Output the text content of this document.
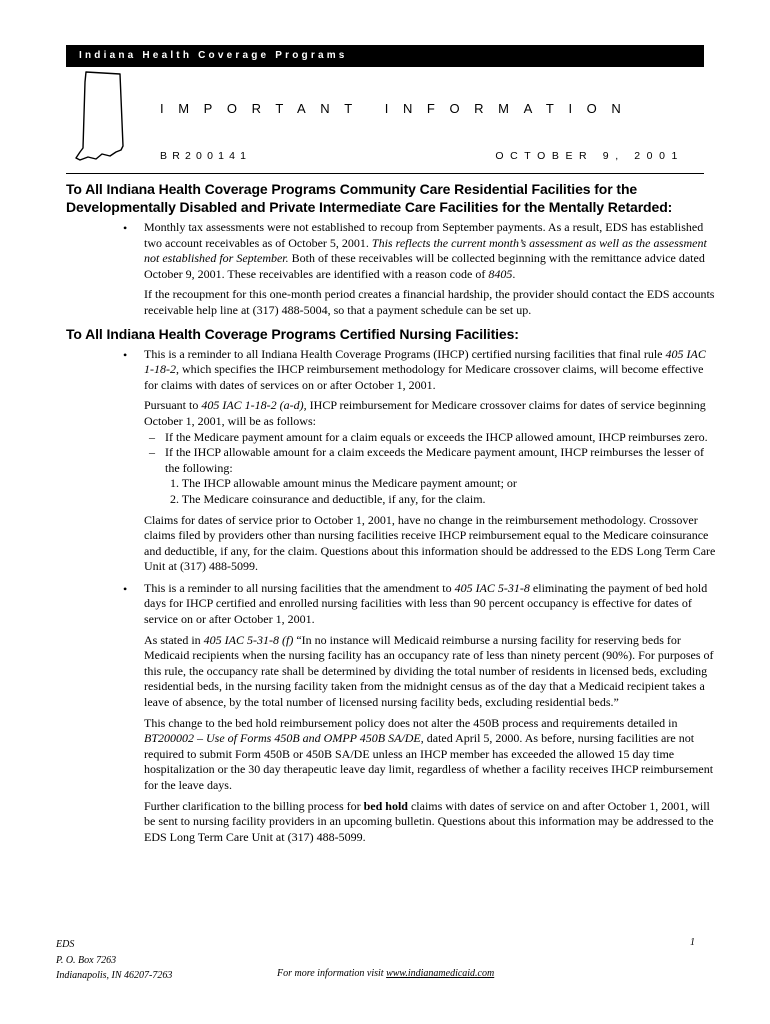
Indiana Health Coverage Programs
IMPORTANT INFORMATION
BR200141	OCTOBER 9, 2001
To All Indiana Health Coverage Programs Community Care Residential Facilities for the Developmentally Disabled and Private Intermediate Care Facilities for the Mentally Retarded:
• Monthly tax assessments were not established to recoup from September payments. As a result, EDS has established two account receivables as of October 5, 2001. This reflects the current month’s assessment as well as the assessment not established for September. Both of these receivables will be collected beginning with the remittance advice dated October 9, 2001. These receivables are identified with a reason code of 8405.

If the recoupment for this one-month period creates a financial hardship, the provider should contact the EDS accounts receivable help line at (317) 488-5004, so that a payment schedule can be set up.

To All Indiana Health Coverage Programs Certified Nursing Facilities:
• This is a reminder to all Indiana Health Coverage Programs (IHCP) certified nursing facilities that final rule 405 IAC 1-18-2, which specifies the IHCP reimbursement methodology for Medicare crossover claims, will become effective for claims with dates of services on or after October 1, 2001.

Pursuant to 405 IAC 1-18-2 (a-d), IHCP reimbursement for Medicare crossover claims for dates of service beginning October 1, 2001, will be as follows:

– If the Medicare payment amount for a claim equals or exceeds the IHCP allowed amount, IHCP reimburses zero.

– If the IHCP allowable amount for a claim exceeds the Medicare payment amount, IHCP reimburses the lesser of the following:

1. The IHCP allowable amount minus the Medicare payment amount; or
2. The Medicare coinsurance and deductible, if any, for the claim.

Claims for dates of service prior to October 1, 2001, have no change in the reimbursement methodology. Crossover claims filed by providers other than nursing facilities receive IHCP reimbursement equal to the Medicare coinsurance and deductible, if any, for the claim. Questions about this information should be addressed to the EDS Long Term Care Unit at (317) 488-5099.

• This is a reminder to all nursing facilities that the amendment to 405 IAC 5-31-8 eliminating the payment of bed hold days for IHCP certified and enrolled nursing facilities with less than 90 percent occupancy is effective for dates of service on or after October 1, 2001.

As stated in 405 IAC 5-31-8 (f) “In no instance will Medicaid reimburse a nursing facility for reserving beds for Medicaid recipients when the nursing facility has an occupancy rate of less than ninety percent (90%). For purposes of this rule, the occupancy rate shall be determined by dividing the total number of residents in licensed beds, excluding residential beds, in the nursing facility taken from the midnight census as of the day that a Medicaid recipient takes a leave of absence, by the total number of licensed nursing facility beds, excluding residential beds.”

This change to the bed hold reimbursement policy does not alter the 450B process and requirements detailed in BT200002 – Use of Forms 450B and OMPP 450B SA/DE, dated April 5, 2000. As before, nursing facilities are not required to submit Form 450B or 450B SA/DE unless an IHCP member has exceeded the allowed 15 day time hospitalization or the 30 day therapeutic leave day limit, regardless of whether a facility receives IHCP reimbursement for the leave days.

Further clarification to the billing process for bed hold claims with dates of service on and after October 1, 2001, will be sent to nursing facility providers in an upcoming bulletin. Questions about this information may be addressed to the EDS Long Term Care Unit at (317) 488-5099.

EDS
P. O. Box 7263
Indianapolis, IN 46207-7263
1
For more information visit www.indianamedicaid.com
